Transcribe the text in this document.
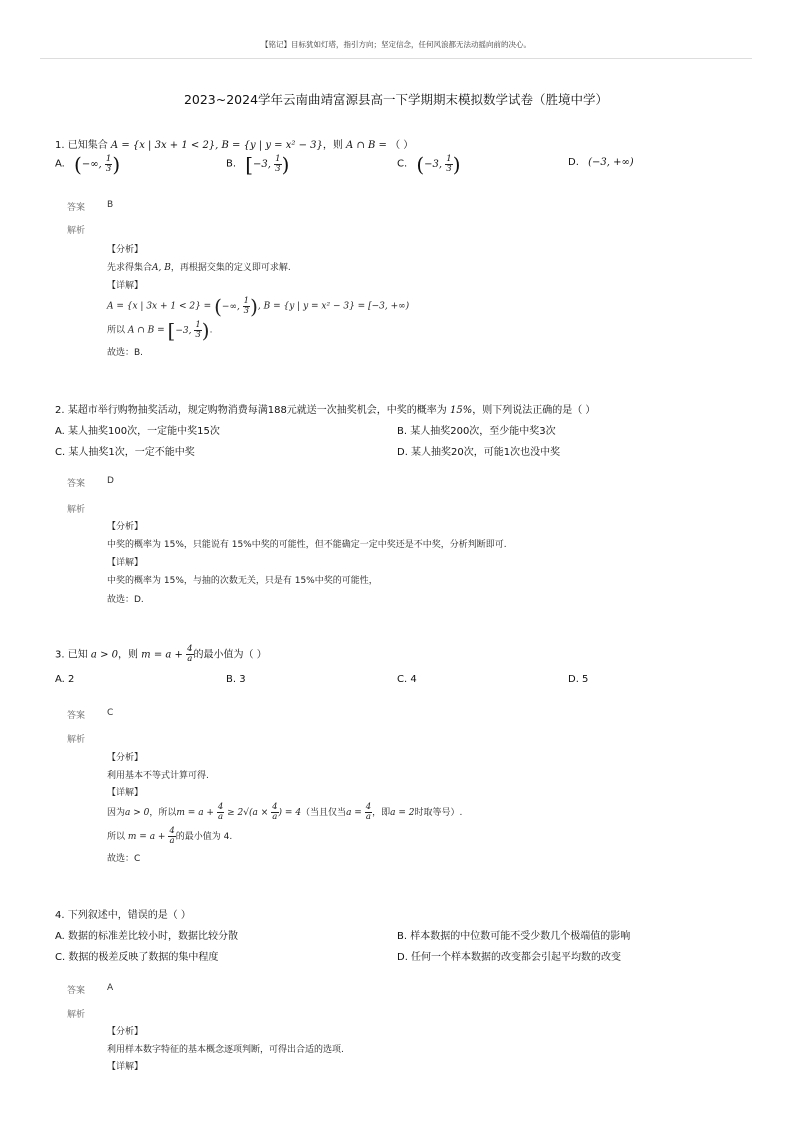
【铭记】目标犹如灯塔，指引方向；坚定信念，任何风浪都无法动摇向前的决心。
2023~2024学年云南曲靖富源县高一下学期期末模拟数学试卷（胜境中学）
1. 已知集合 A = {x | 3x + 1 < 2}, B = {y | y = x² − 3}，则 A ∩ B = （ ）
A. (−∞, $\frac{1}{3}$ )	B. [−3, $\frac{1}{3}$ )	C. (−3, $\frac{1}{3}$ )	D. (−3, +∞)
答案 B
解析
【分析】
先求得集合A, B，再根据交集的定义即可求解.
【详解】
A = {x | 3x + 1 < 2} = (−∞, $\frac{1}{3}$ ), B = {y | y = x² − 3} = [−3, +∞)
所以 A ∩ B = [−3, $\frac{1}{3}$ ).
故选：B.
2. 某超市举行购物抽奖活动，规定购物消费每满188元就送一次抽奖机会，中奖的概率为 15%，则下列说法正确的是（ ）
A. 某人抽奖100次，一定能中奖15次	B. 某人抽奖200次，至少能中奖3次
C. 某人抽奖1次，一定不能中奖	D. 某人抽奖20次，可能1次也没中奖
答案 D
解析
【分析】
中奖的概率为 15%，只能说有 15%中奖的可能性，但不能确定一定中奖还是不中奖，分析判断即可.
【详解】
中奖的概率为 15%，与抽的次数无关，只是有 15%中奖的可能性，
故选：D.
3. 已知 a > 0，则 $m = a + \frac{4}{a}$ 的最小值为（ ）
A. 2	B. 3	C. 4	D. 5
答案 C
解析
【分析】
利用基本不等式计算可得.
【详解】
因为a > 0，所以$m = a + \frac{4}{a} \ge 2√(a \times \frac{4}{a}$ ) = 4（当且仅当$a = \frac{4}{a}$ ，即a = 2时取等号）.
所以 $m = a + \frac{4}{a}$ 的最小值为 4.
故选：C
4. 下列叙述中，错误的是（ ）
A. 数据的标准差比较小时，数据比较分散	B. 样本数据的中位数可能不受少数几个极端值的影响
C. 数据的极差反映了数据的集中程度	D. 任何一个样本数据的改变都会引起平均数的改变
答案 A
解析
【分析】
利用样本数字特征的基本概念逐项判断，可得出合适的选项.
【详解】
